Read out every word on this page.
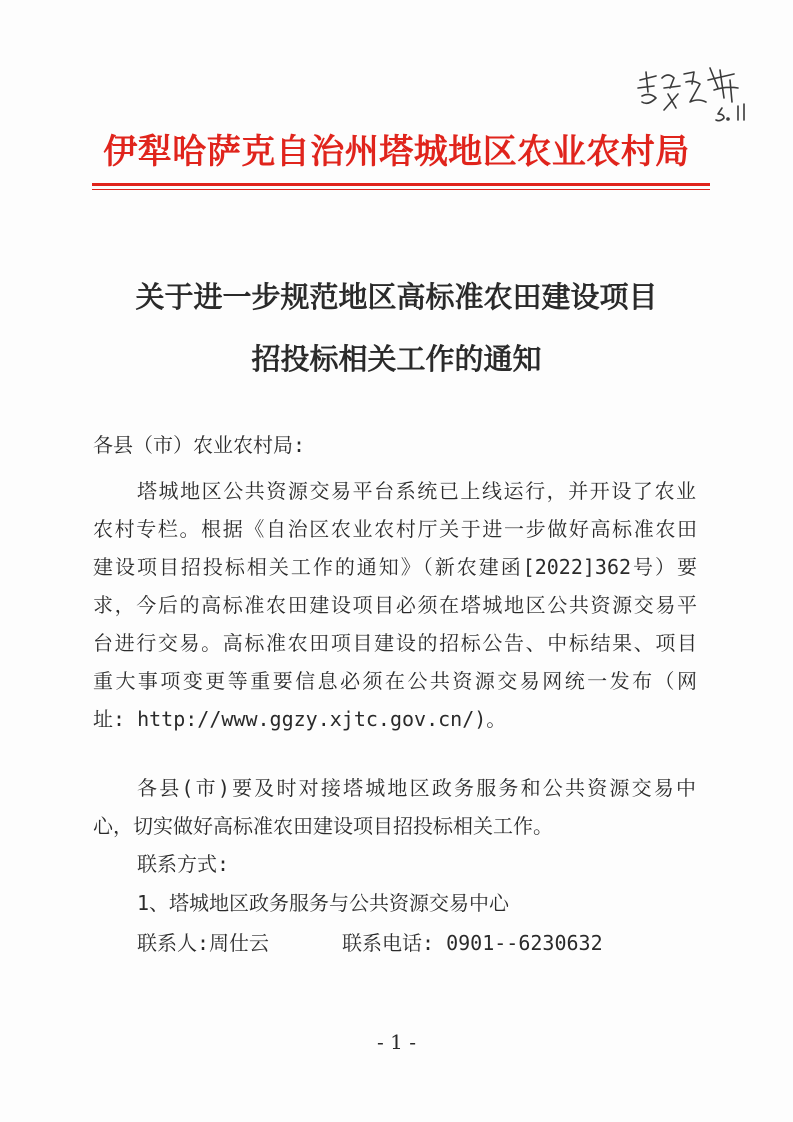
伊犁哈萨克自治州塔城地区农业农村局
关于进一步规范地区高标准农田建设项目
招投标相关工作的通知
各县（市）农业农村局:
塔城地区公共资源交易平台系统已上线运行，并开设了农业
农村专栏。根据《自治区农业农村厅关于进一步做好高标准农田
建设项目招投标相关工作的通知》（新农建函[2022]362号）要
求，今后的高标准农田建设项目必须在塔城地区公共资源交易平
台进行交易。高标准农田项目建设的招标公告、中标结果、项目
重大事项变更等重要信息必须在公共资源交易网统一发布（网
址: http://www.ggzy.xjtc.gov.cn/)。
各县(市)要及时对接塔城地区政务服务和公共资源交易中
心，切实做好高标准农田建设项目招投标相关工作。
联系方式:
1、塔城地区政务服务与公共资源交易中心
联系人:周仕云	联系电话: 0901--6230632
- 1 -
